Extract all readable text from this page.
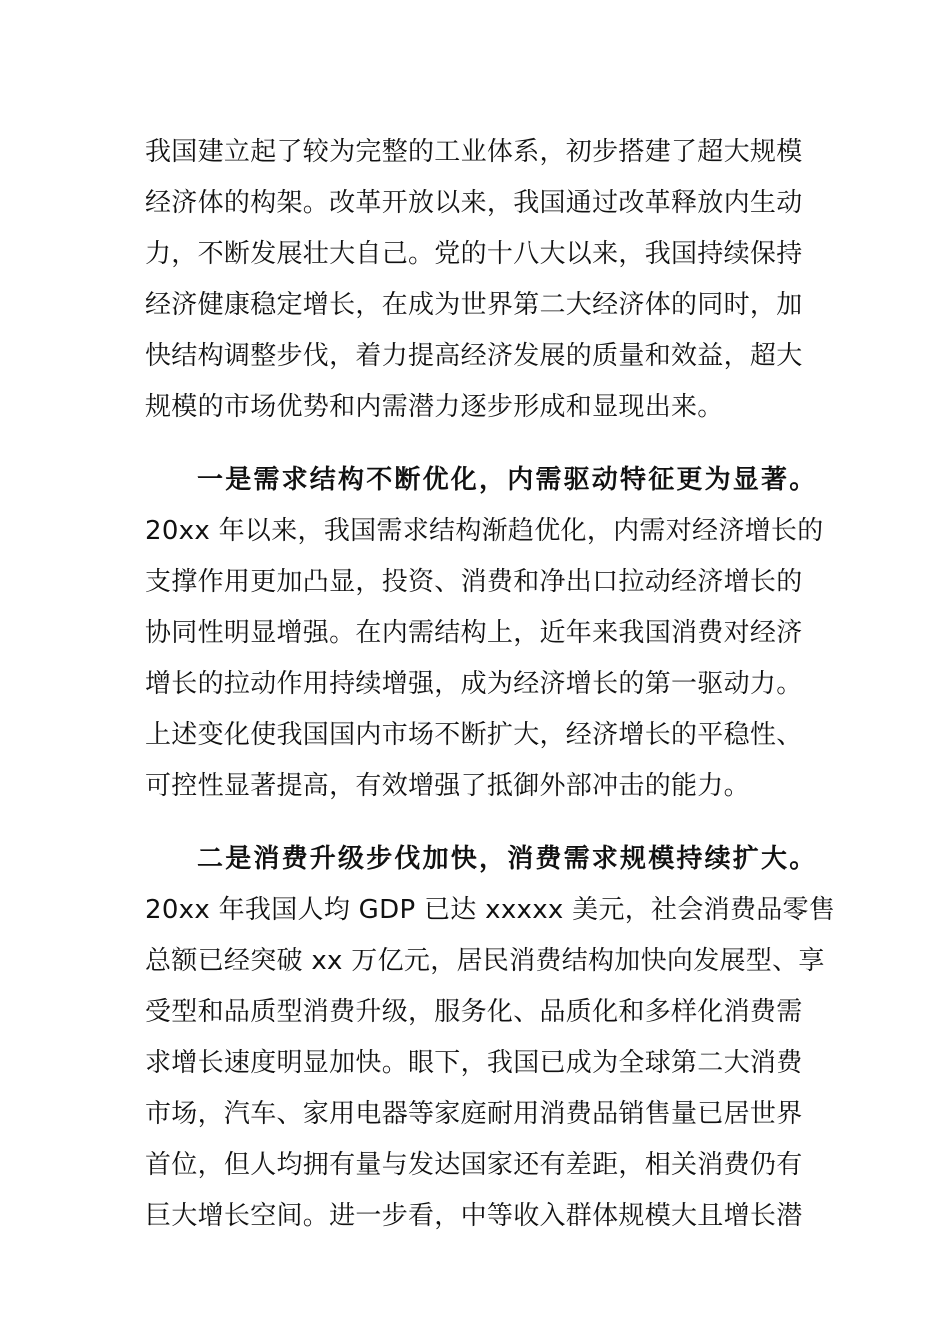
我国建立起了较为完整的工业体系，初步搭建了超大规模
经济体的构架。改革开放以来，我国通过改革释放内生动
力，不断发展壮大自己。党的十八大以来，我国持续保持
经济健康稳定增长，在成为世界第二大经济体的同时，加
快结构调整步伐，着力提高经济发展的质量和效益，超大
规模的市场优势和内需潜力逐步形成和显现出来。
一是需求结构不断优化，内需驱动特征更为显著。
20xx 年以来，我国需求结构渐趋优化，内需对经济增长的
支撑作用更加凸显，投资、消费和净出口拉动经济增长的
协同性明显增强。在内需结构上，近年来我国消费对经济
增长的拉动作用持续增强，成为经济增长的第一驱动力。
上述变化使我国国内市场不断扩大，经济增长的平稳性、
可控性显著提高，有效增强了抵御外部冲击的能力。
二是消费升级步伐加快，消费需求规模持续扩大。
20xx 年我国人均 GDP 已达 xxxxx 美元，社会消费品零售
总额已经突破 xx 万亿元，居民消费结构加快向发展型、享
受型和品质型消费升级，服务化、品质化和多样化消费需
求增长速度明显加快。眼下，我国已成为全球第二大消费
市场，汽车、家用电器等家庭耐用消费品销售量已居世界
首位，但人均拥有量与发达国家还有差距，相关消费仍有
巨大增长空间。进一步看，中等收入群体规模大且增长潜
